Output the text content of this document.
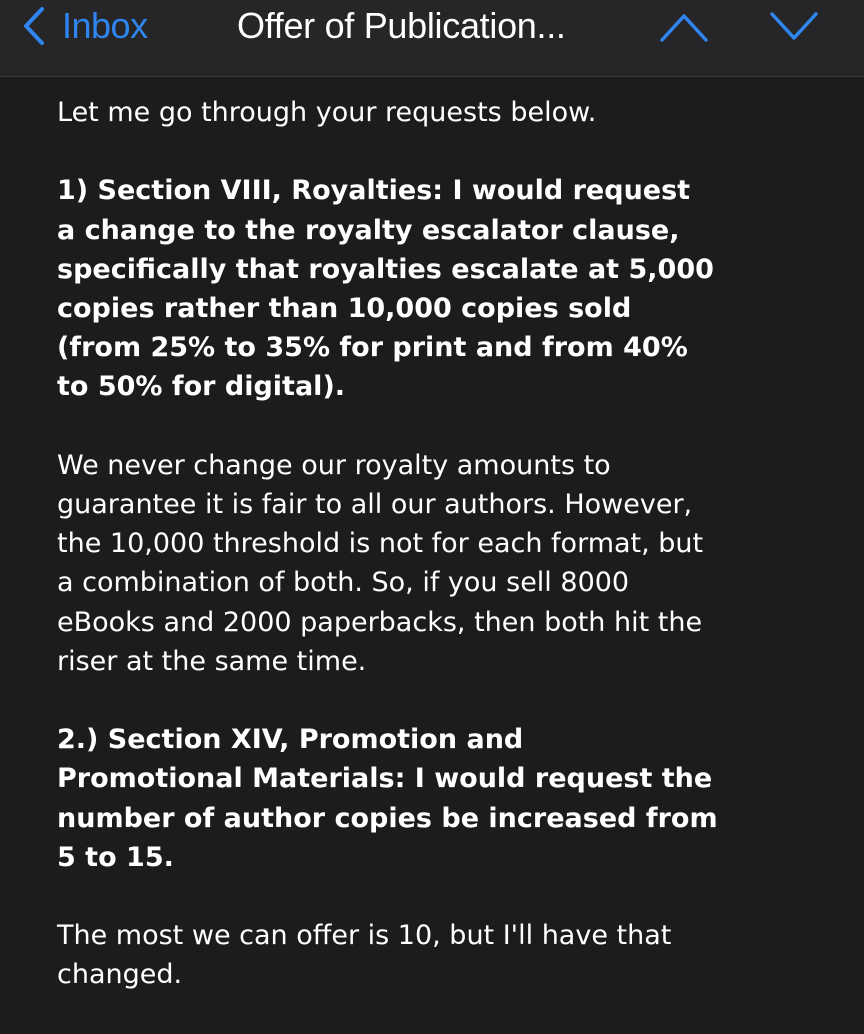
Inbox Offer of Publication...
Let me go through your requests below.
1) Section VIII, Royalties: I would request
a change to the royalty escalator clause,
specifically that royalties escalate at 5,000
copies rather than 10,000 copies sold
(from 25% to 35% for print and from 40%
to 50% for digital).
We never change our royalty amounts to
guarantee it is fair to all our authors. However,
the 10,000 threshold is not for each format, but
a combination of both. So, if you sell 8000
eBooks and 2000 paperbacks, then both hit the
riser at the same time.
2.) Section XIV, Promotion and
Promotional Materials: I would request the
number of author copies be increased from
5 to 15.
The most we can offer is 10, but I'll have that
changed.
